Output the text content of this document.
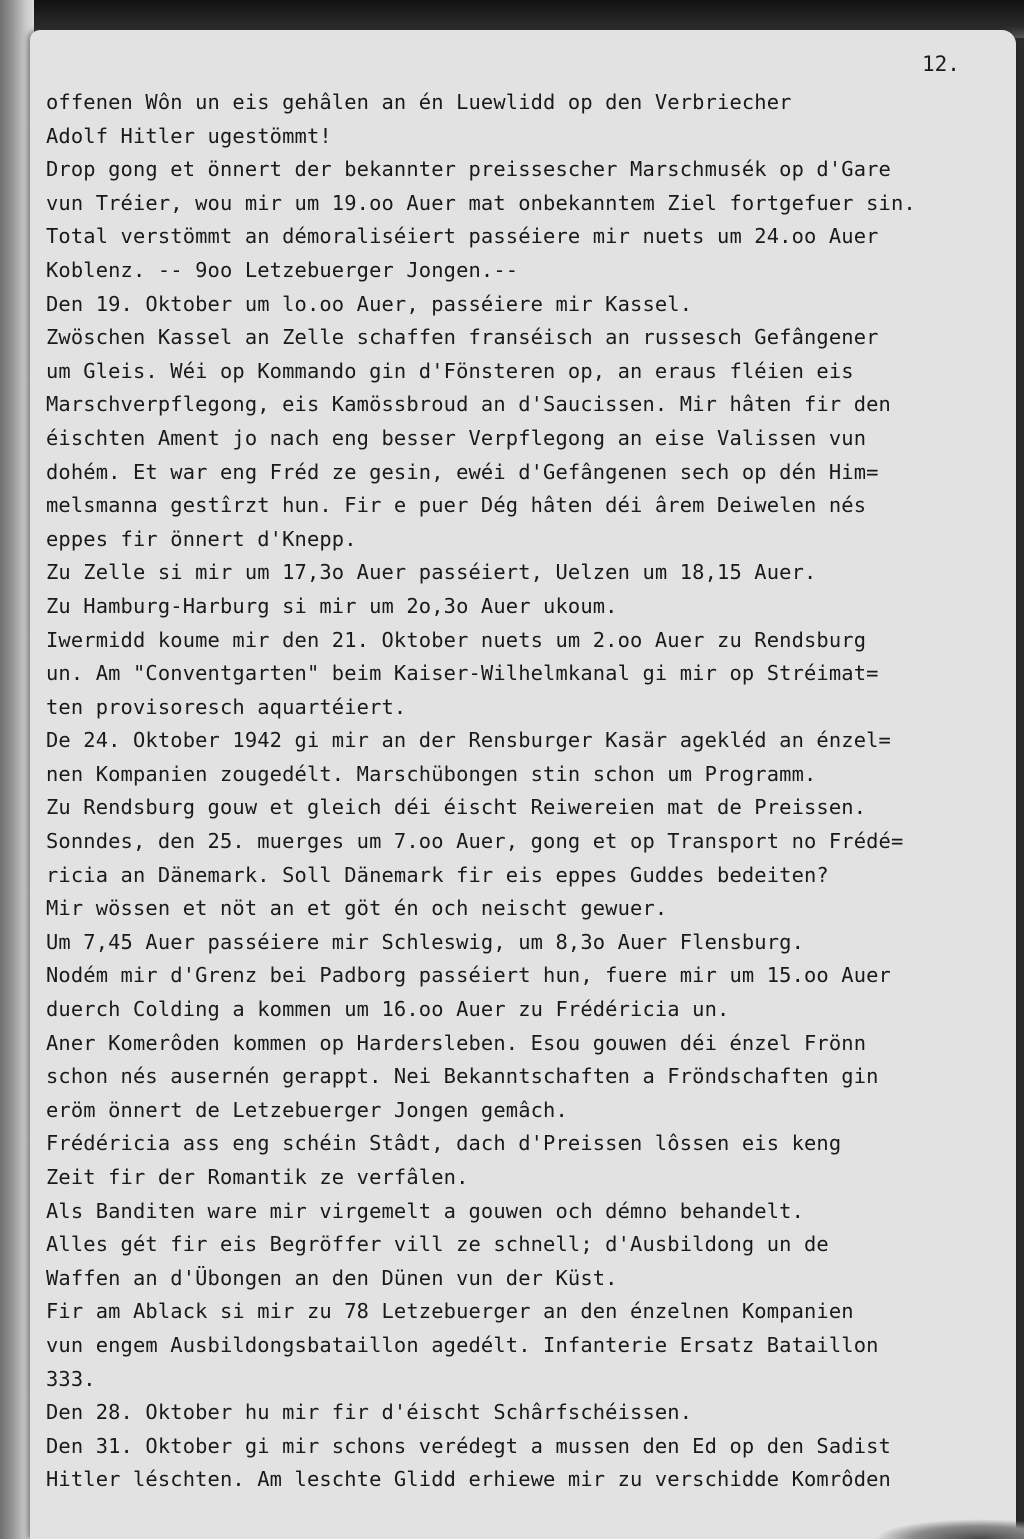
12.
offenen Wôn un eis gehâlen an én Luewlidd op den Verbriecher
Adolf Hitler ugestömmt!
Drop gong et önnert der bekannter preissescher Marschmusék op d'Gare
vun Tréier, wou mir um 19.oo Auer mat onbekanntem Ziel fortgefuer sin.
Total verstömmt an démoraliséiert passéiere mir nuets um 24.oo Auer
Koblenz. -- 9oo Letzebuerger Jongen.--
Den 19. Oktober um lo.oo Auer, passéiere mir Kassel.
Zwöschen Kassel an Zelle schaffen franséisch an russesch Gefângener
um Gleis. Wéi op Kommando gin d'Fönsteren op, an eraus fléien eis
Marschverpflegong, eis Kamössbroud an d'Saucissen. Mir hâten fir den
éischten Ament jo nach eng besser Verpflegong an eise Valissen vun
dohém. Et war eng Fréd ze gesin, ewéi d'Gefângenen sech op dén Him=
melsmanna gestîrzt hun. Fir e puer Dég hâten déi ârem Deiwelen nés
eppes fir önnert d'Knepp.
Zu Zelle si mir um 17,3o Auer passéiert, Uelzen um 18,15 Auer.
Zu Hamburg-Harburg si mir um 2o,3o Auer ukoum.
Iwermidd koume mir den 21. Oktober nuets um 2.oo Auer zu Rendsburg
un. Am "Conventgarten" beim Kaiser-Wilhelmkanal gi mir op Stréimat=
ten provisoresch aquartéiert.
De 24. Oktober 1942 gi mir an der Rensburger Kasär agekléd an énzel=
nen Kompanien zougedélt. Marschübongen stin schon um Programm.
Zu Rendsburg gouw et gleich déi éischt Reiwereien mat de Preissen.
Sonndes, den 25. muerges um 7.oo Auer, gong et op Transport no Frédé=
ricia an Dänemark. Soll Dänemark fir eis eppes Guddes bedeiten?
Mir wössen et nöt an et göt én och neischt gewuer.
Um 7,45 Auer passéiere mir Schleswig, um 8,3o Auer Flensburg.
Nodém mir d'Grenz bei Padborg passéiert hun, fuere mir um 15.oo Auer
duerch Colding a kommen um 16.oo Auer zu Frédéricia un.
Aner Komerôden kommen op Hardersleben. Esou gouwen déi énzel Frönn
schon nés ausernén gerappt. Nei Bekanntschaften a Fröndschaften gin
eröm önnert de Letzebuerger Jongen gemâch.
Frédéricia ass eng schéin Stâdt, dach d'Preissen lôssen eis keng
Zeit fir der Romantik ze verfâlen.
Als Banditen ware mir virgemelt a gouwen och démno behandelt.
Alles gét fir eis Begröffer vill ze schnell; d'Ausbildong un de
Waffen an d'Übongen an den Dünen vun der Küst.
Fir am Ablack si mir zu 78 Letzebuerger an den énzelnen Kompanien
vun engem Ausbildongsbataillon agedélt. Infanterie Ersatz Bataillon
333.
Den 28. Oktober hu mir fir d'éischt Schârfschéissen.
Den 31. Oktober gi mir schons verédegt a mussen den Ed op den Sadist
Hitler léschten. Am leschte Glidd erhiewe mir zu verschidde Komrôden
